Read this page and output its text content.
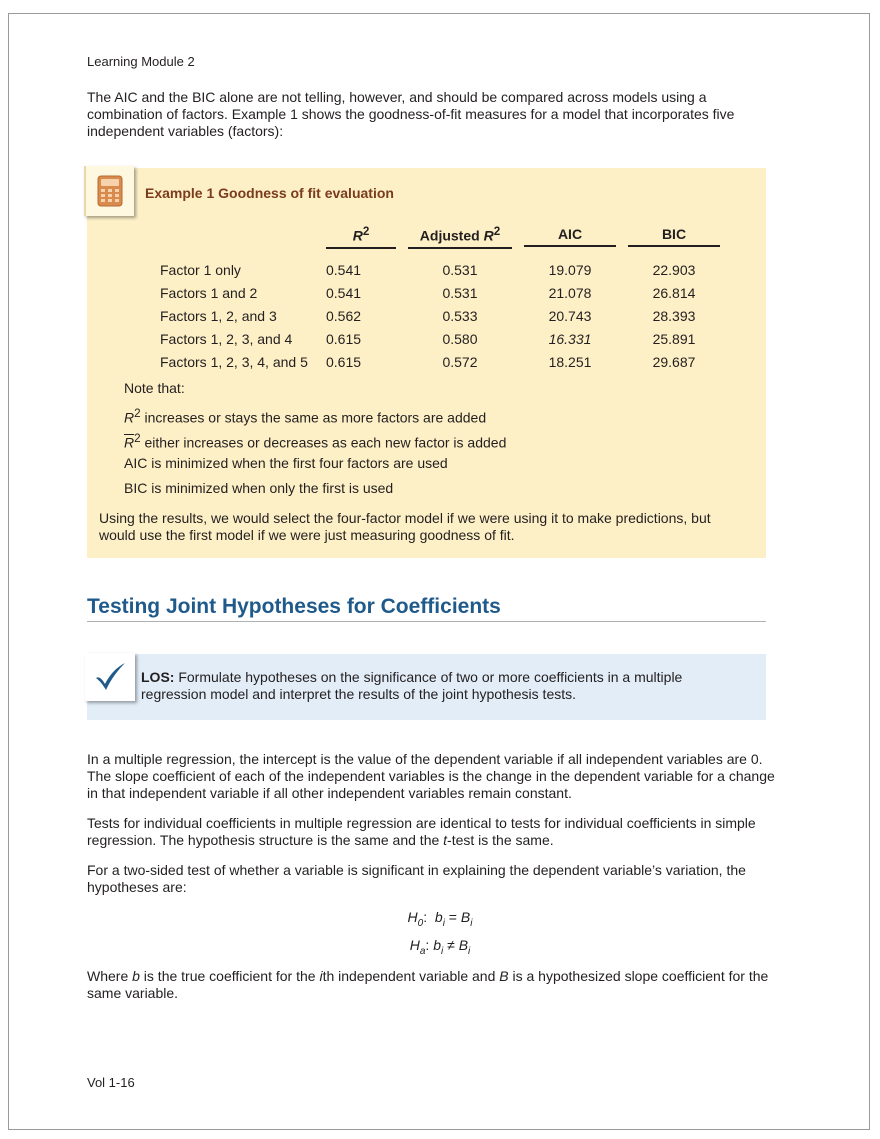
Learning Module 2

The AIC and the BIC alone are not telling, however, and should be compared across models using a combination of factors. Example 1 shows the goodness-of-fit measures for a model that incorporates five independent variables (factors):

Example 1 Goodness of fit evaluation
	$R^2$		Adjusted $R^2$		AIC		BIC

Factor 1 only	0.541		0.531		19.079		22.903
Factors 1 and 2	0.541		0.531		21.078		26.814
Factors 1, 2, and 3	0.562		0.533		20.743		28.393
Factors 1, 2, 3, and 4	0.615		0.580		16.331		25.891
Factors 1, 2, 3, 4, and 5	0.615		0.572		18.251		29.687
Note that:
$R^2$ increases or stays the same as more factors are added
$\overline{R}^2$ either increases or decreases as each new factor is added
AIC is minimized when the first four factors are used
BIC is minimized when only the first is used

Using the results, we would select the four-factor model if we were using it to make predictions, but would use the first model if we were just measuring goodness of fit.

Testing Joint Hypotheses for Coefficients

LOS: Formulate hypotheses on the significance of two or more coefficients in a multiple regression model and interpret the results of the joint hypothesis tests.

In a multiple regression, the intercept is the value of the dependent variable if all independent variables are 0. The slope coefficient of each of the independent variables is the change in the dependent variable for a change in that independent variable if all other independent variables remain constant.

Tests for individual coefficients in multiple regression are identical to tests for individual coefficients in simple regression. The hypothesis structure is the same and the t-test is the same.

For a two-sided test of whether a variable is significant in explaining the dependent variable’s variation, the hypotheses are:

$H_0$:  $b_i = B_i$
$H_a$: $b_i \ne B_i$

Where b is the true coefficient for the ith independent variable and B is a hypothesized slope coefficient for the same variable.

Vol 1-16
